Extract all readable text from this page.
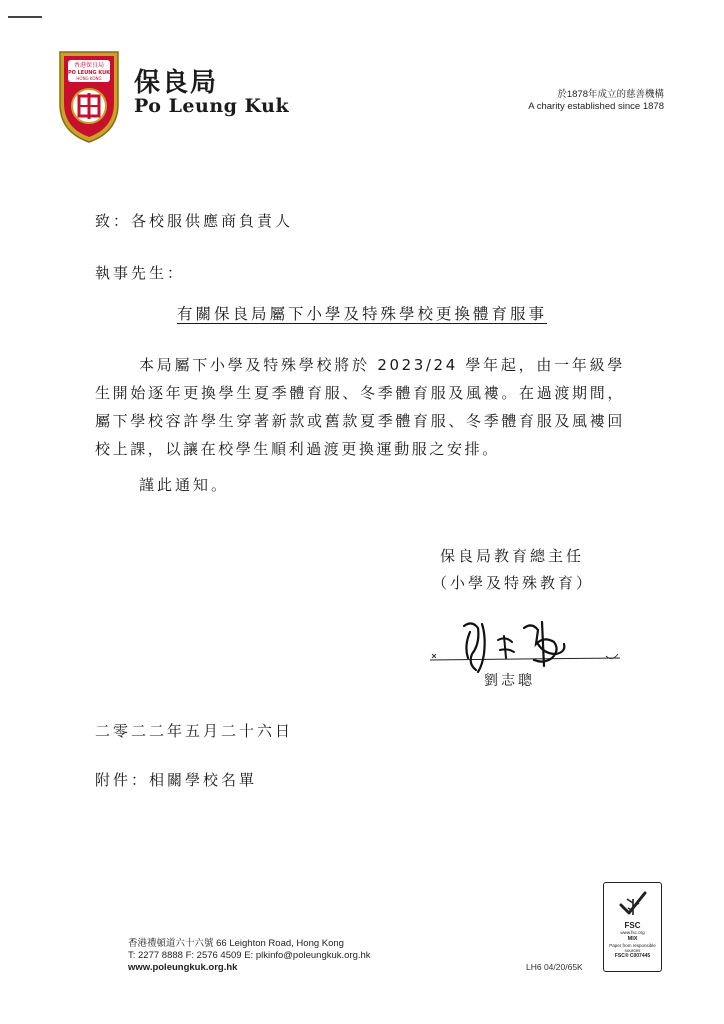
香港保良局
PO LEUNG KUK
HONG KONG 保良局
Po Leung Kuk
於1878年成立的慈善機構
A charity established since 1878
致：各校服供應商負責人
執事先生：
有關保良局屬下小學及特殊學校更換體育服事
本局屬下小學及特殊學校將於 2023/24 學年起，由一年級學生開始逐年更換學生夏季體育服、冬季體育服及風褸。在過渡期間，屬下學校容許學生穿著新款或舊款夏季體育服、冬季體育服及風褸回校上課，以讓在校學生順利過渡更換運動服之安排。
謹此通知。
保良局教育總主任
（小學及特殊教育）
劉志聰
二零二二年五月二十六日
附件：相關學校名單
香港禮頓道六十六號 66 Leighton Road, Hong Kong
T: 2277 8888 F: 2576 4509 E: plkinfo@poleungkuk.org.hk
www.poleungkuk.org.hk	LH6 04/20/65K
FSC
www.fsc.org
MIX
Paper from responsible sources
FSC® C007445
